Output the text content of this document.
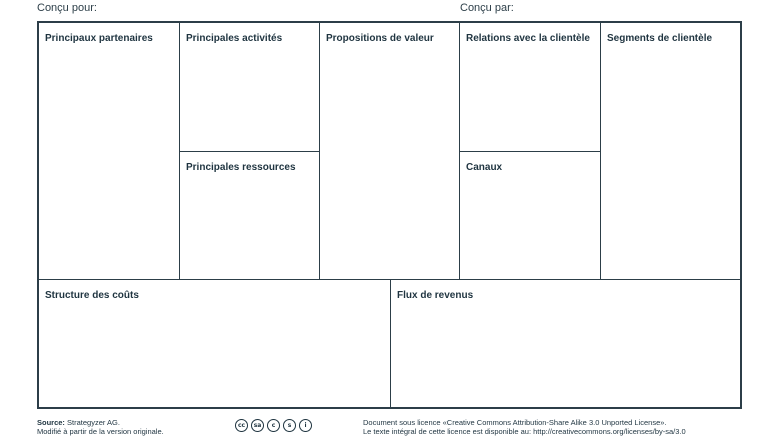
Conçu pour:	Conçu par:
Principaux partenaires	Principales activités
Principales ressources
Propositions de valeur	Relations avec la clientèle
Canaux
Segments de clientèle
Structure des coûts	Flux de revenus
Source: Strategyzer AG.
Modifié à partir de la version originale.
cc	sa	c	s	i	Document sous licence «Creative Commons Attribution-Share Alike 3.0 Unported License».
Le texte intégral de cette licence est disponible au: http://creativecommons.org/licenses/by-sa/3.0
